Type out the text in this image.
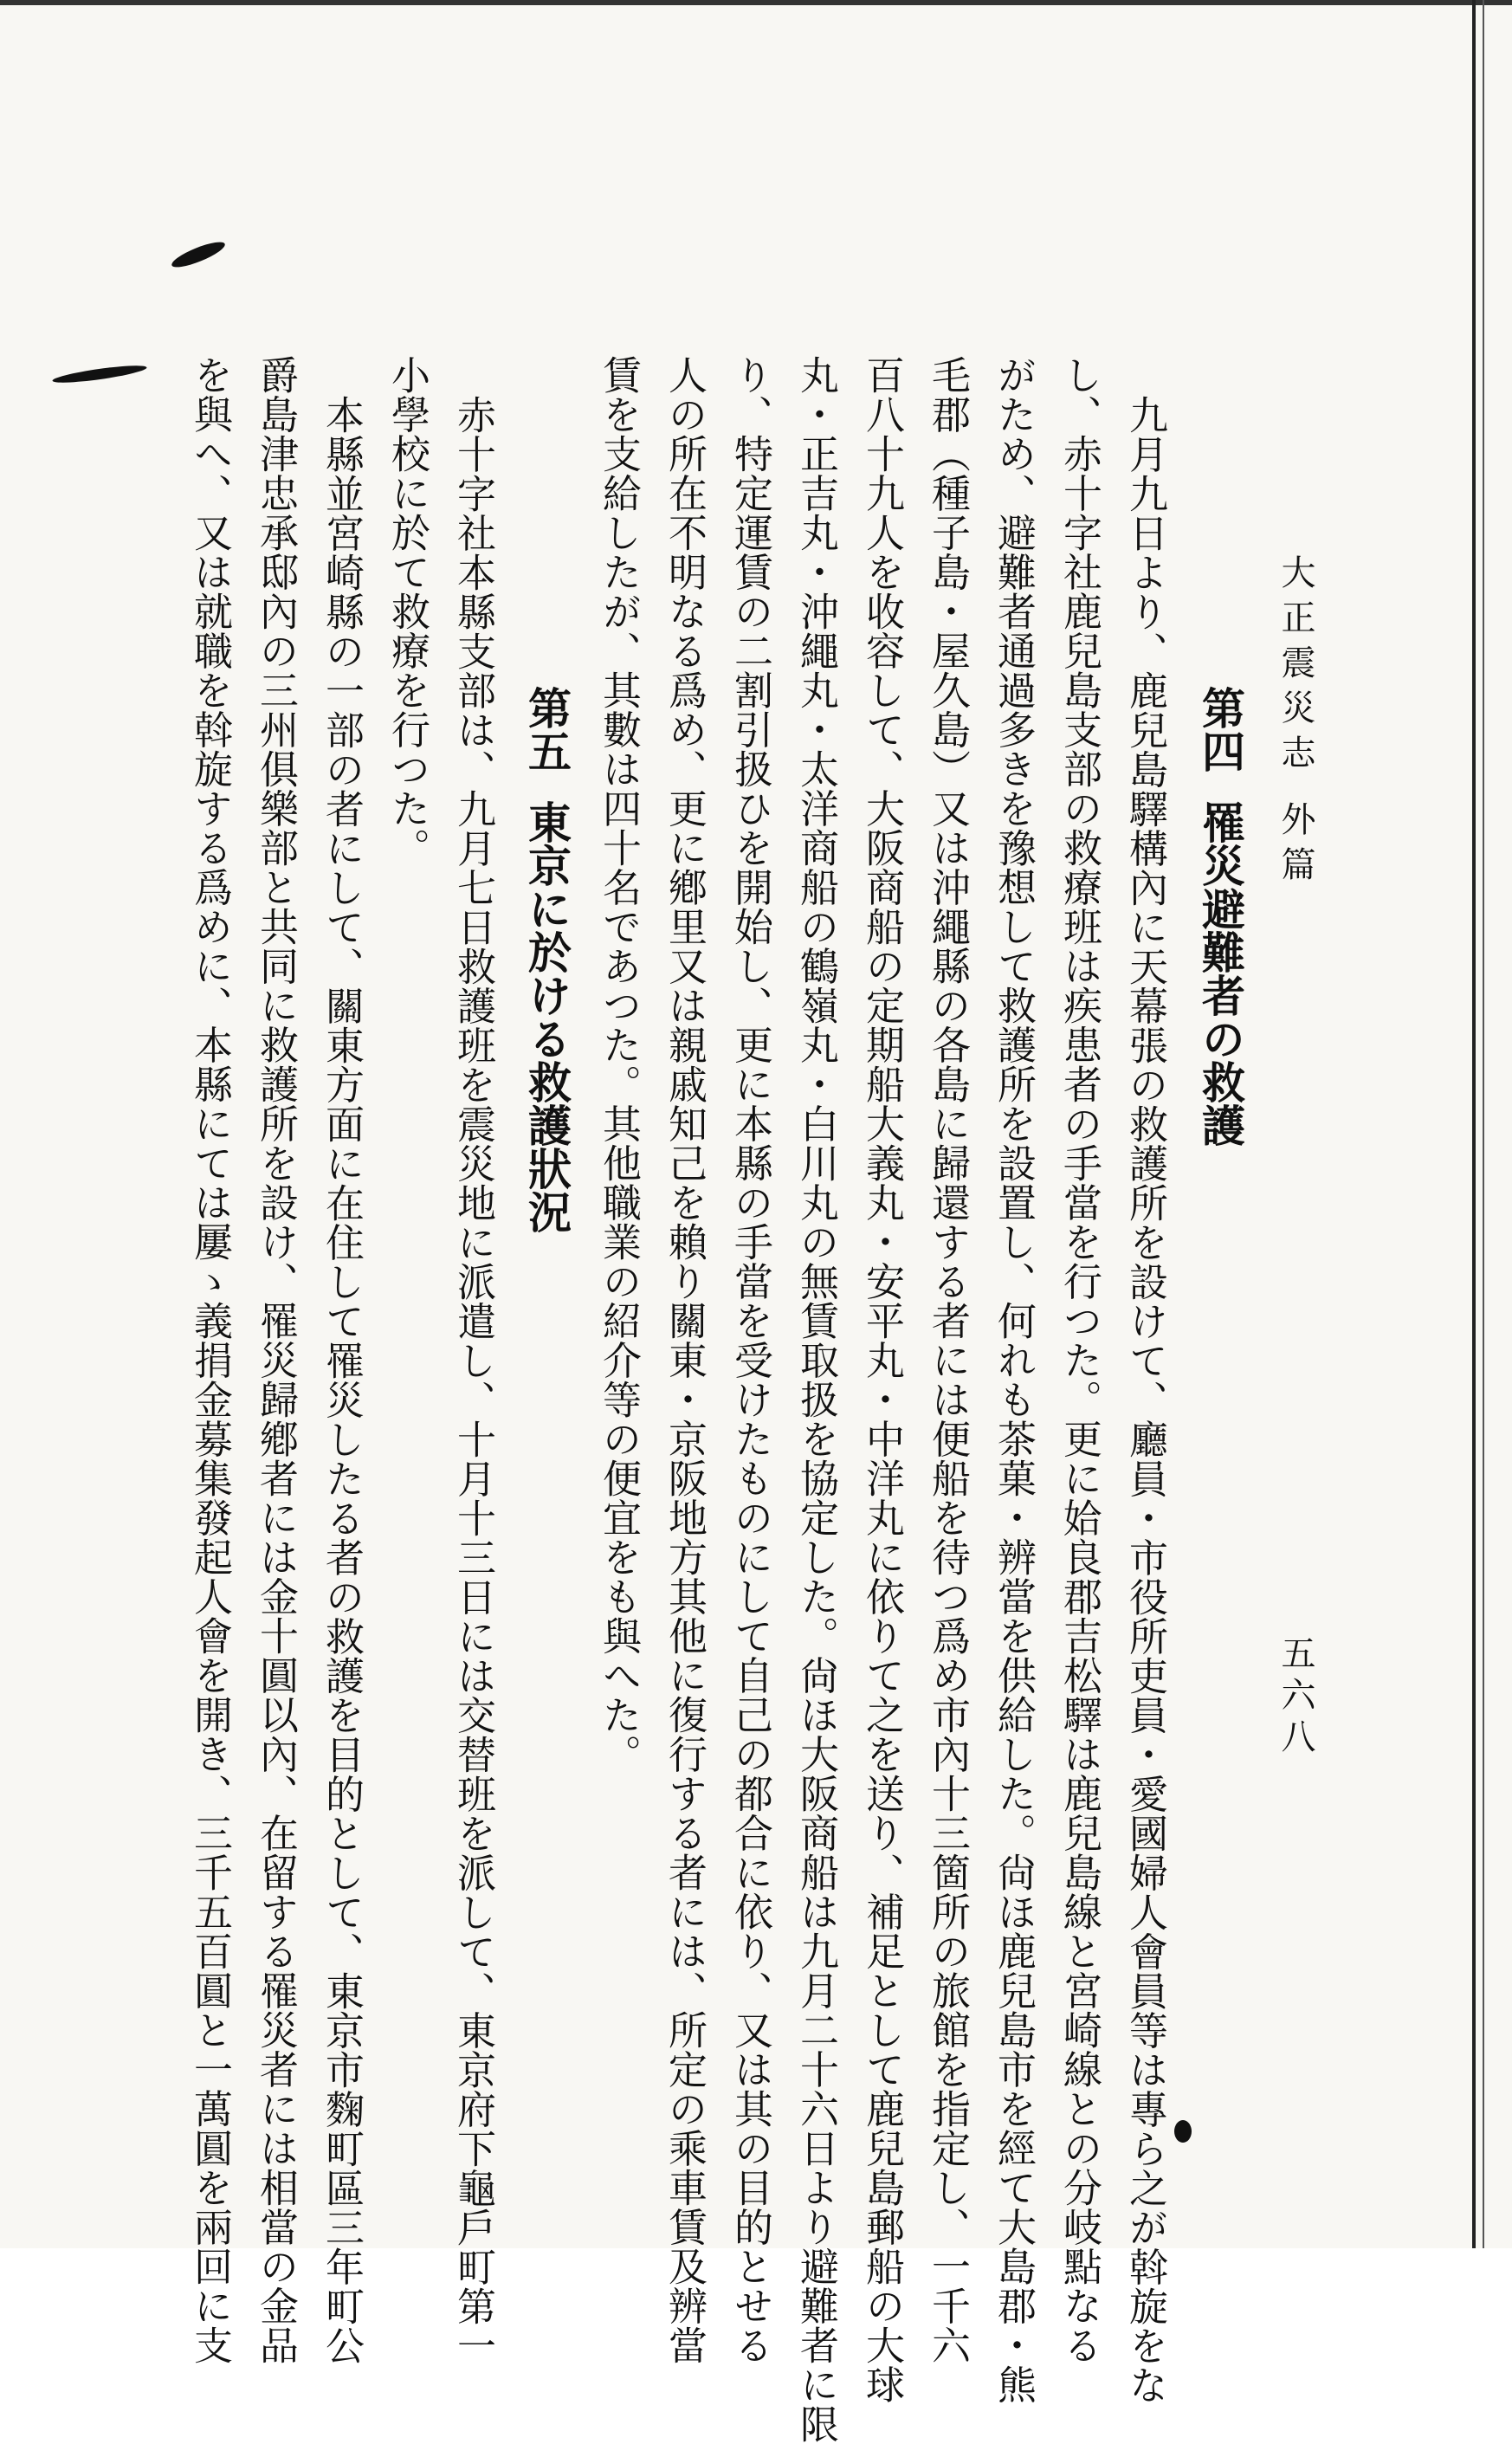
大正震災志 外篇
五六八
第四罹災避難者の救護
九月九日より、鹿兒島驛構內に天幕張の救護所を設けて、廳員・市役所吏員・愛國婦人會員等は專ら之が斡旋をな
し、赤十字社鹿兒島支部の救療班は疾患者の手當を行つた。更に姶良郡吉松驛は鹿兒島線と宮崎線との分岐點なる
がため、避難者通過多きを豫想して救護所を設置し、何れも茶菓・辨當を供給した。尙ほ鹿兒島市を經て大島郡・熊
毛郡（種子島・屋久島）又は沖繩縣の各島に歸還する者には便船を待つ爲め市內十三箇所の旅館を指定し、一千六
百八十九人を收容して、大阪商船の定期船大義丸・安平丸・中洋丸に依りて之を送り、補足として鹿兒島郵船の大球
丸・正吉丸・沖繩丸・太洋商船の鶴嶺丸・白川丸の無賃取扱を協定した。尙ほ大阪商船は九月二十六日より避難者に限
り、特定運賃の二割引扱ひを開始し、更に本縣の手當を受けたものにして自己の都合に依り、又は其の目的とせる
人の所在不明なる爲め、更に鄕里又は親戚知己を賴り關東・京阪地方其他に復行する者には、所定の乘車賃及辨當
賃を支給したが、其數は四十名であつた。其他職業の紹介等の便宜をも與へた。
第五東京に於ける救護狀況
赤十字社本縣支部は、九月七日救護班を震災地に派遣し、十月十三日には交替班を派して、東京府下龜戶町第一
小學校に於て救療を行つた。
本縣並宮崎縣の一部の者にして、關東方面に在住して罹災したる者の救護を目的として、東京市麴町區三年町公
爵島津忠承邸內の三州俱樂部と共同に救護所を設け、罹災歸鄕者には金十圓以內、在留する罹災者には相當の金品
を與へ、又は就職を斡旋する爲めに、本縣にては屢ゝ義捐金募集發起人會を開き、三千五百圓と一萬圓を兩回に支
